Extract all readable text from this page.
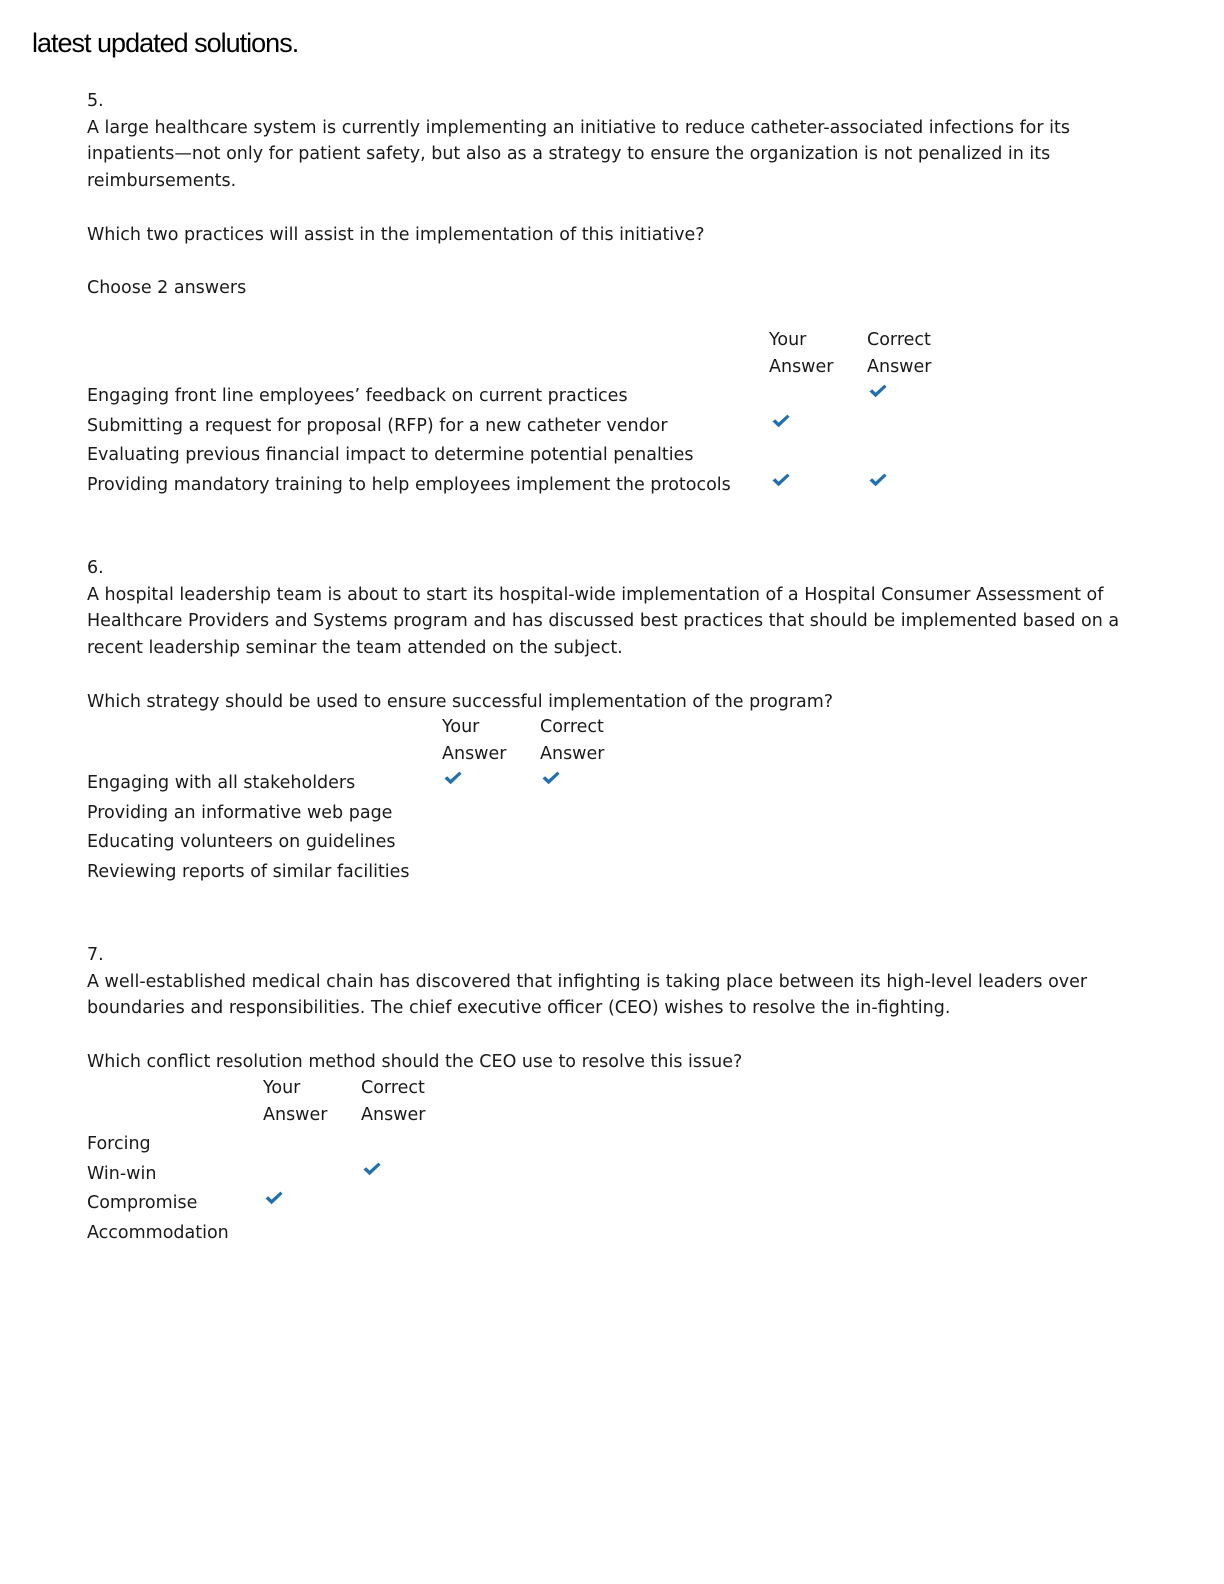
latest updated solutions.

5.

A large healthcare system is currently implementing an initiative to reduce catheter-associated infections for its inpatients—not only for patient safety, but also as a strategy to ensure the organization is not penalized in its reimbursements.

Which two practices will assist in the implementation of this initiative?

Choose 2 answers

Your
Answer
Correct
Answer
Engaging front line employees’ feedback on current practices
Submitting a request for proposal (RFP) for a new catheter vendor
Evaluating previous financial impact to determine potential penalties
Providing mandatory training to help employees implement the protocols

6.

A hospital leadership team is about to start its hospital-wide implementation of a Hospital Consumer Assessment of Healthcare Providers and Systems program and has discussed best practices that should be implemented based on a recent leadership seminar the team attended on the subject.

Which strategy should be used to ensure successful implementation of the program?

Your
Answer
Correct
Answer
Engaging with all stakeholders
Providing an informative web page
Educating volunteers on guidelines
Reviewing reports of similar facilities

7.

A well-established medical chain has discovered that infighting is taking place between its high-level leaders over boundaries and responsibilities. The chief executive officer (CEO) wishes to resolve the in-fighting.

Which conflict resolution method should the CEO use to resolve this issue?

Your
Answer
Correct
Answer
Forcing
Win-win
Compromise
Accommodation
